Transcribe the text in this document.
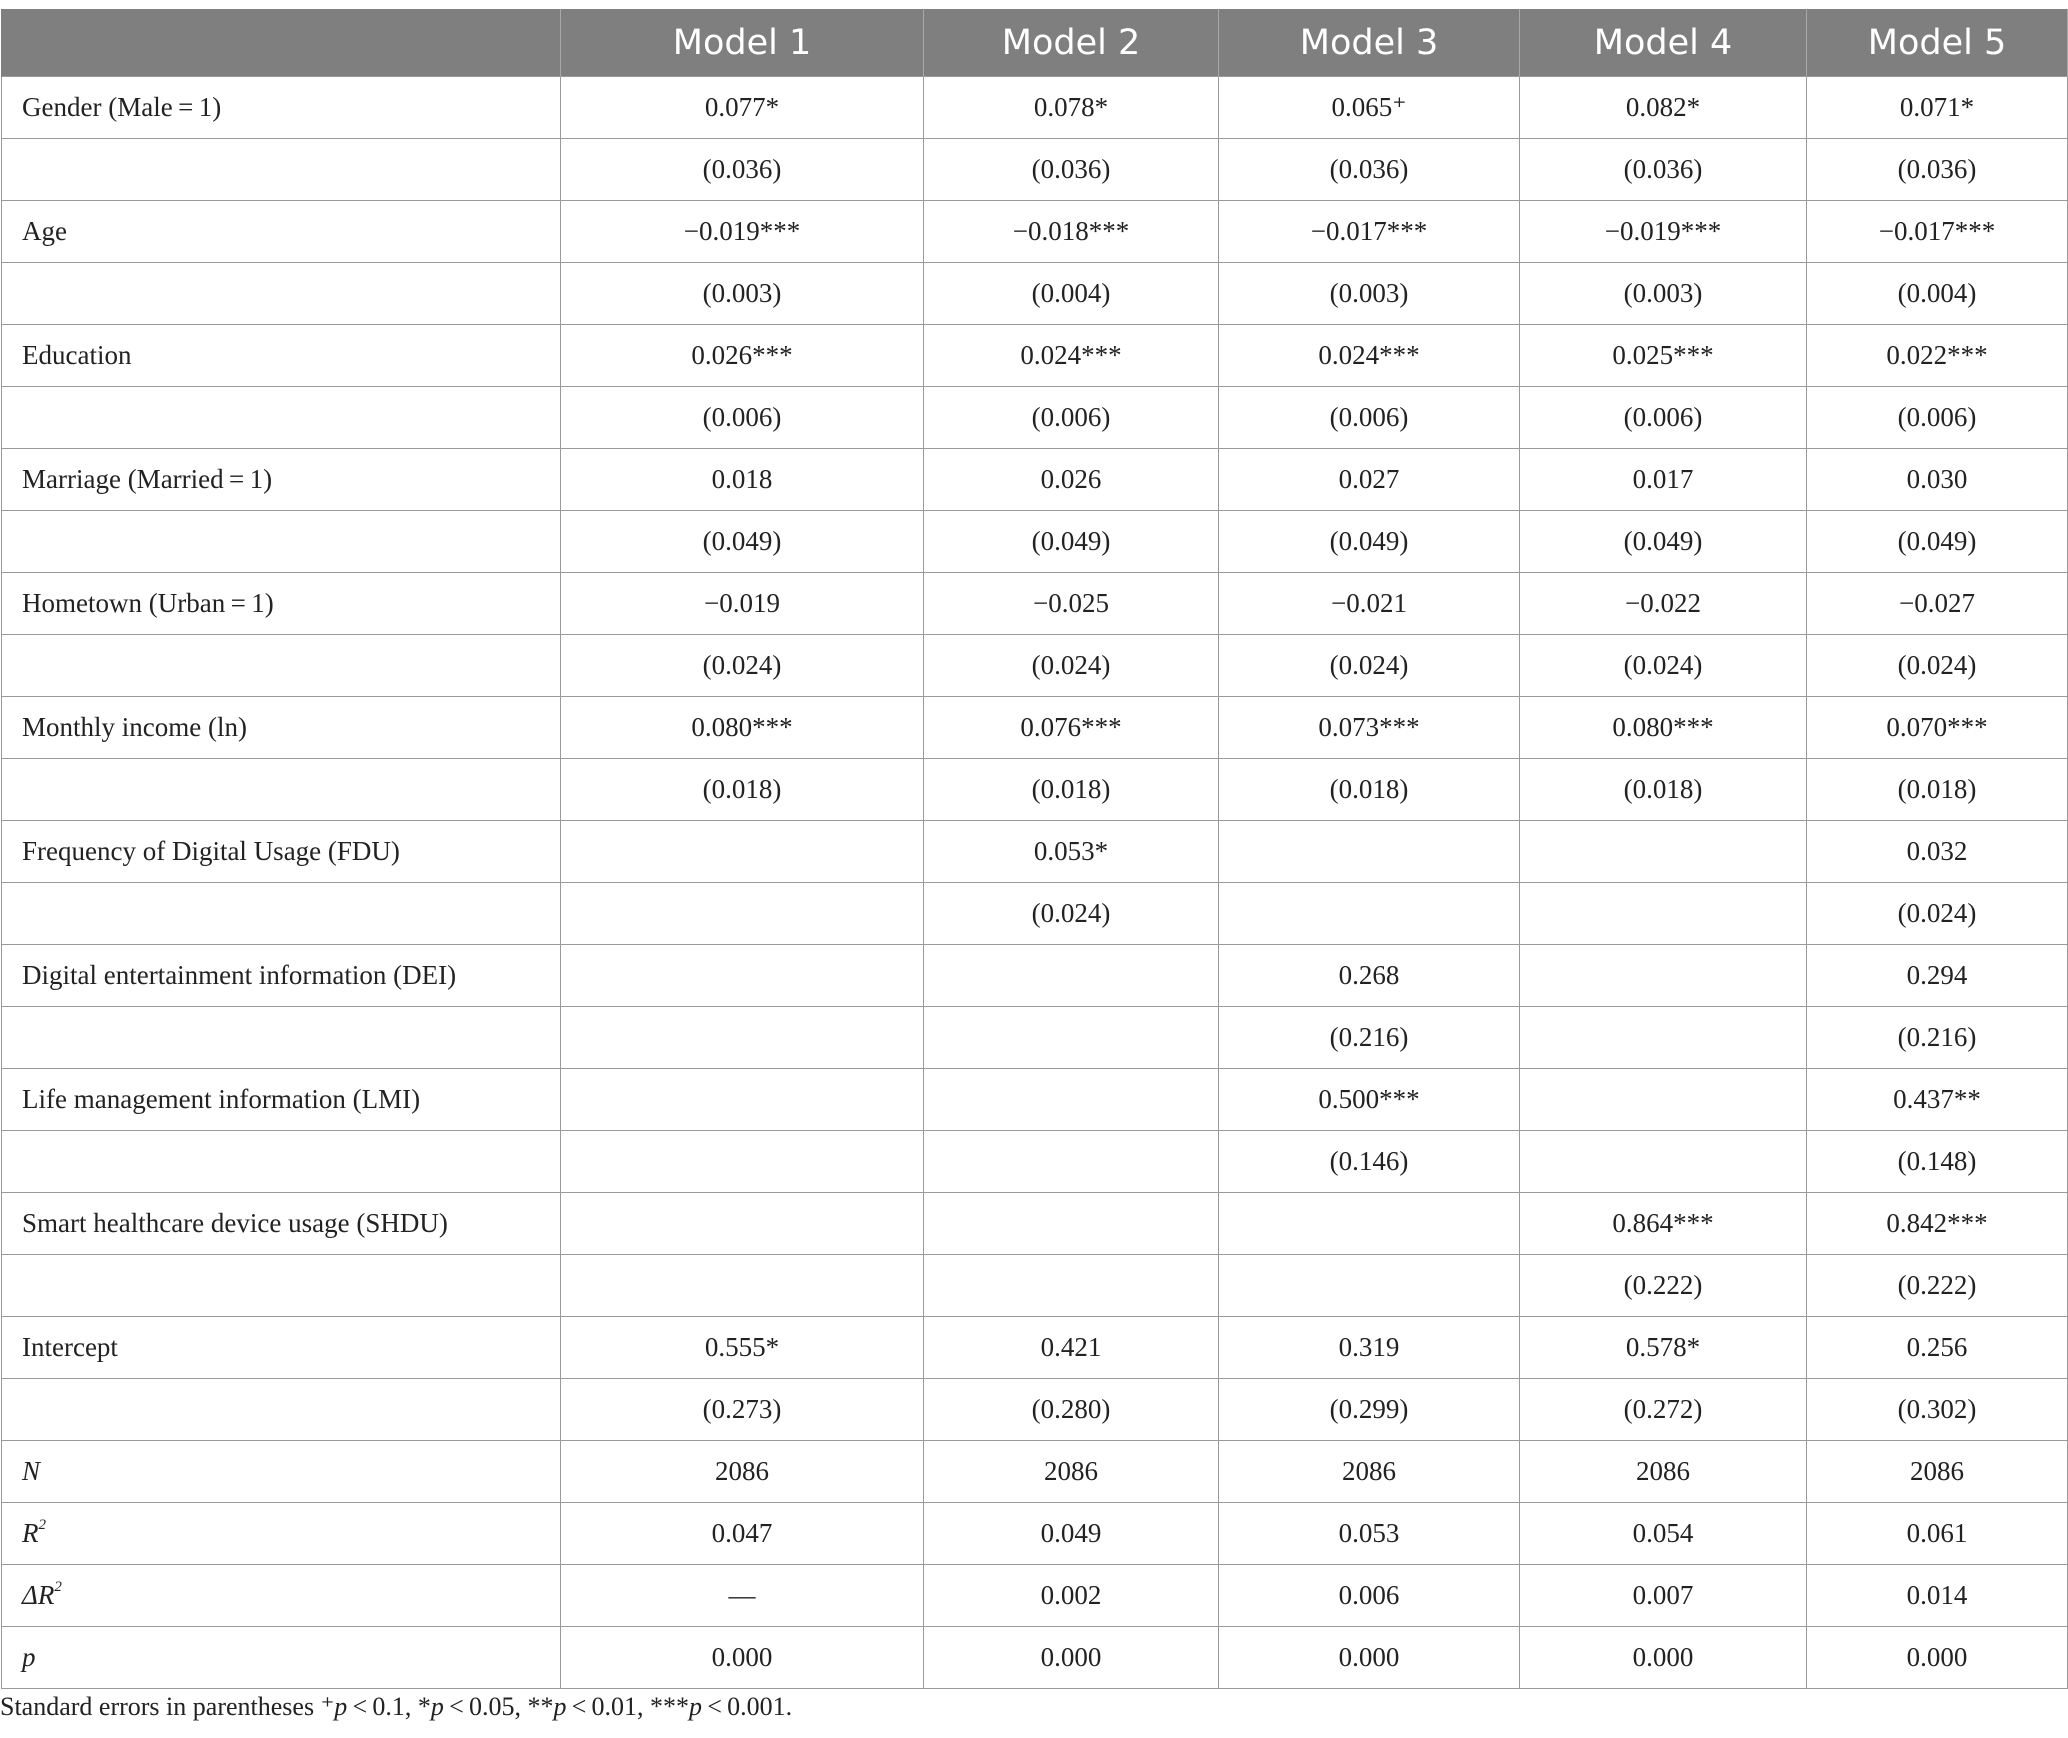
	Model 1	Model 2	Model 3	Model 4	Model 5
Gender (Male = 1)	0.077*	0.078*	0.065⁺	0.082*	0.071*
	(0.036)	(0.036)	(0.036)	(0.036)	(0.036)
Age	−0.019***	−0.018***	−0.017***	−0.019***	−0.017***
	(0.003)	(0.004)	(0.003)	(0.003)	(0.004)
Education	0.026***	0.024***	0.024***	0.025***	0.022***
	(0.006)	(0.006)	(0.006)	(0.006)	(0.006)
Marriage (Married = 1)	0.018	0.026	0.027	0.017	0.030
	(0.049)	(0.049)	(0.049)	(0.049)	(0.049)
Hometown (Urban = 1)	−0.019	−0.025	−0.021	−0.022	−0.027
	(0.024)	(0.024)	(0.024)	(0.024)	(0.024)
Monthly income (ln)	0.080***	0.076***	0.073***	0.080***	0.070***
	(0.018)	(0.018)	(0.018)	(0.018)	(0.018)
Frequency of Digital Usage (FDU)		0.053*			0.032
		(0.024)			(0.024)
Digital entertainment information (DEI)			0.268		0.294
			(0.216)		(0.216)
Life management information (LMI)			0.500***		0.437**
			(0.146)		(0.148)
Smart healthcare device usage (SHDU)				0.864***	0.842***
				(0.222)	(0.222)
Intercept	0.555*	0.421	0.319	0.578*	0.256
	(0.273)	(0.280)	(0.299)	(0.272)	(0.302)
N	2086	2086	2086	2086	2086
$R^2$	0.047	0.049	0.053	0.054	0.061
$\Delta R^2$	—	0.002	0.006	0.007	0.014
p	0.000	0.000	0.000	0.000	0.000
Standard errors in parentheses ⁺p < 0.1, *p < 0.05, **p < 0.01, ***p < 0.001.
